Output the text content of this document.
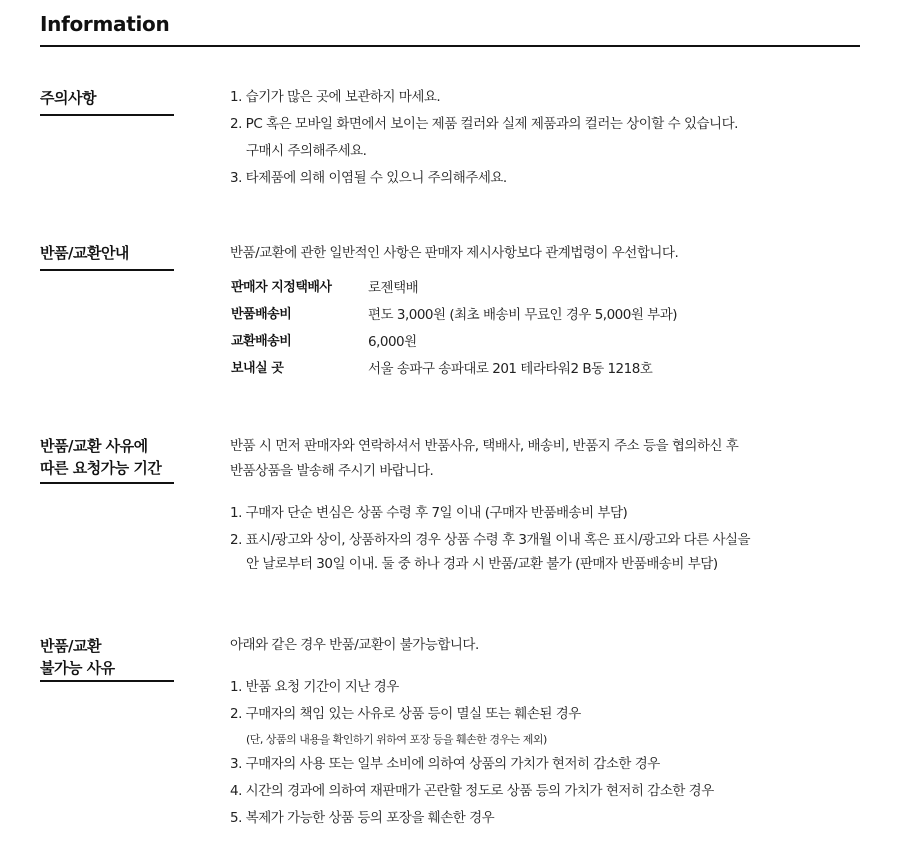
Information
주의사항	1. 습기가 많은 곳에 보관하지 마세요.
2. PC 혹은 모바일 화면에서 보이는 제품 컬러와 실제 제품과의 컬러는 상이할 수 있습니다.
구매시 주의해주세요.
3. 타제품에 의해 이염될 수 있으니 주의해주세요.
반품/교환안내	반품/교환에 관한 일반적인 사항은 판매자 제시사항보다 관계법령이 우선합니다.
판매자 지정택배사	로젠택배
반품배송비	편도 3,000원 (최초 배송비 무료인 경우 5,000원 부과)
교환배송비	6,000원
보내실 곳	서울 송파구 송파대로 201 테라타워2 B동 1218호
반품/교환 사유에
따른 요청가능 기간
반품 시 먼저 판매자와 연락하셔서 반품사유, 택배사, 배송비, 반품지 주소 등을 협의하신 후
반품상품을 발송해 주시기 바랍니다.
1. 구매자 단순 변심은 상품 수령 후 7일 이내 (구매자 반품배송비 부담)
2. 표시/광고와 상이, 상품하자의 경우 상품 수령 후 3개월 이내 혹은 표시/광고와 다른 사실을
안 날로부터 30일 이내. 둘 중 하나 경과 시 반품/교환 불가 (판매자 반품배송비 부담)
반품/교환
불가능 사유
아래와 같은 경우 반품/교환이 불가능합니다.
1. 반품 요청 기간이 지난 경우
2. 구매자의 책임 있는 사유로 상품 등이 멸실 또는 훼손된 경우
(단, 상품의 내용을 확인하기 위하여 포장 등을 훼손한 경우는 제외)
3. 구매자의 사용 또는 일부 소비에 의하여 상품의 가치가 현저히 감소한 경우
4. 시간의 경과에 의하여 재판매가 곤란할 정도로 상품 등의 가치가 현저히 감소한 경우
5. 복제가 가능한 상품 등의 포장을 훼손한 경우
